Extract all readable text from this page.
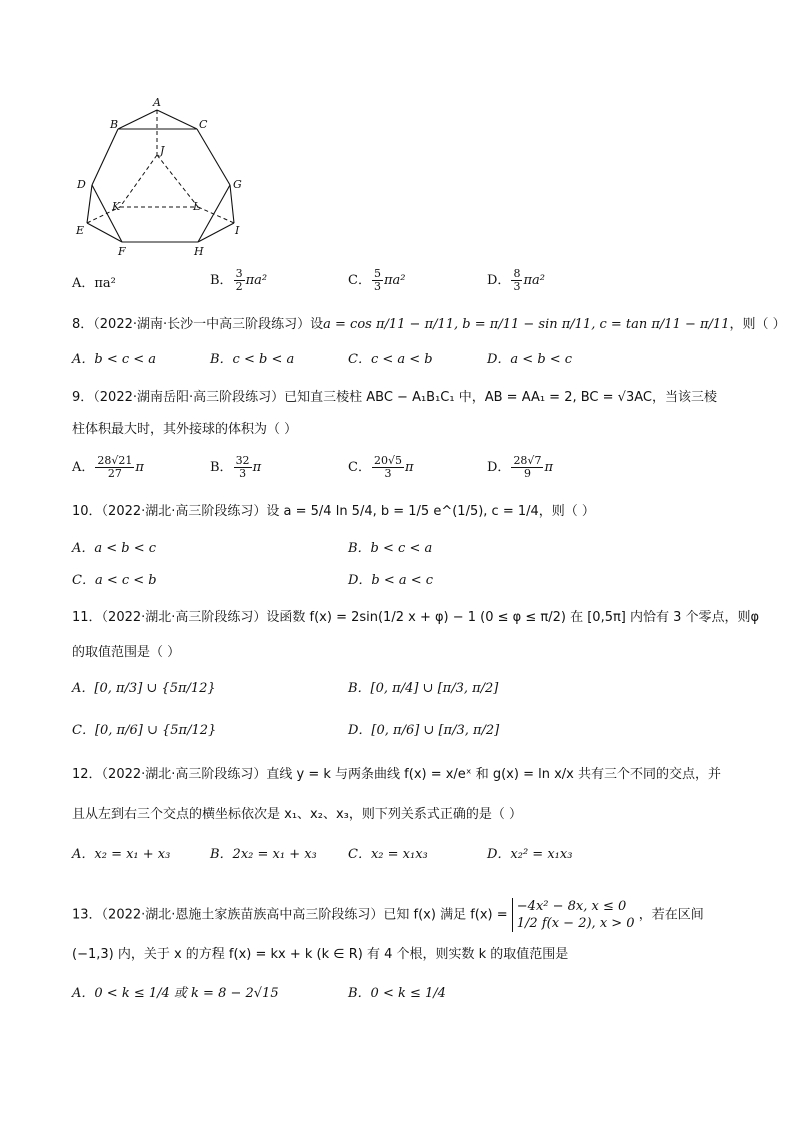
A
B	C
D
E
F
G
H
I
J
K	L
A．πa²	B． $\frac{3}{2} \pi a^2$	C． $\frac{5}{3} \pi a^2$	D． $\frac{8}{3} \pi a^2$
8．（2022·湖南·长沙一中高三阶段练习）设a = cos π/11 − π/11, b = π/11 − sin π/11, c = tan π/11 − π/11，则（ ）
A．b < c < a	B．c < b < a	C．c < a < b	D．a < b < c
9．（2022·湖南岳阳·高三阶段练习）已知直三棱柱 ABC − A₁B₁C₁ 中，AB = AA₁ = 2, BC = √3AC，当该三棱
柱体积最大时，其外接球的体积为（ ）
A． $\frac{28√21}{27}$ π	B． $\frac{32}{3}$ π	C． $\frac{20√5}{3}$ π	D． $\frac{28√7}{9}$ π
10．（2022·湖北·高三阶段练习）设 a = 5/4 ln 5/4, b = 1/5 e^(1/5), c = 1/4，则（ ）
A．a < b < c	B．b < c < a
C．a < c < b	D．b < a < c
11．（2022·湖北·高三阶段练习）设函数 f(x) = 2sin(1/2 x + φ) − 1 (0 ≤ φ ≤ π/2) 在 [0,5π] 内恰有 3 个零点，则φ
的取值范围是（ ）
A．[0, π/3] ∪ {5π/12}	B．[0, π/4] ∪ [π/3, π/2]
C．[0, π/6] ∪ {5π/12}	D．[0, π/6] ∪ [π/3, π/2]
12．（2022·湖北·高三阶段练习）直线 y = k 与两条曲线 f(x) = x/eˣ 和 g(x) = ln x/x 共有三个不同的交点，并
且从左到右三个交点的横坐标依次是 x₁、x₂、x₃，则下列关系式正确的是（ ）
A．x₂ = x₁ + x₃	B．2x₂ = x₁ + x₃ C．x₂ = x₁x₃	D．x₂² = x₁x₃
13．（2022·湖北·恩施土家族苗族高中高三阶段练习）已知 f(x) 满足 f(x) =
−4x² − 8x, x ≤ 0
1/2 f(x − 2), x > 0
，若在区间
(−1,3) 内，关于 x 的方程 f(x) = kx + k (k ∈ R) 有 4 个根，则实数 k 的取值范围是
A．0 < k ≤ 1/4 或 k = 8 − 2√15	B．0 < k ≤ 1/4
